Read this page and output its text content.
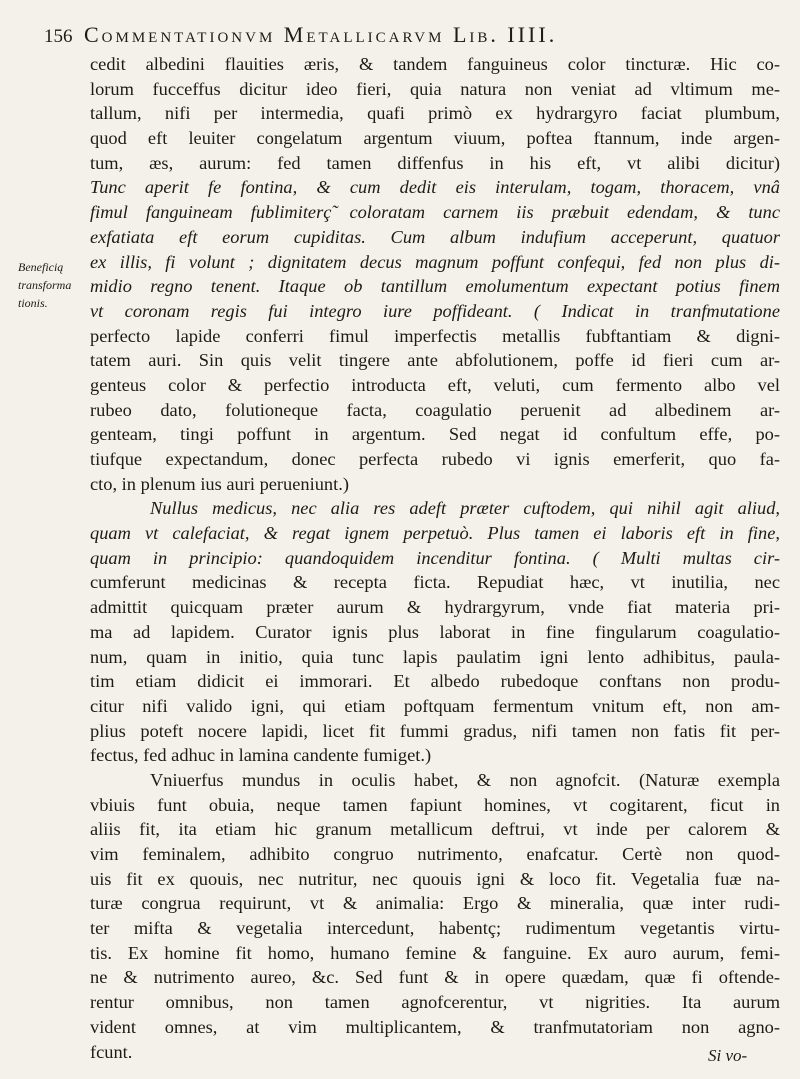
156 Commentationvm Metallicarvm Lib. IIII.
Beneficią
transforma
tionis.
cedit albedini flauities æris, & tandem fanguineus color tincturæ. Hic co-
lorum fucceffus dicitur ideo fieri, quia natura non veniat ad vltimum me-
tallum, nifi per intermedia, quafi primò ex hydrargyro faciat plumbum,
quod eft leuiter congelatum argentum viuum, poftea ftannum, inde argen-
tum, æs, aurum: fed tamen diffenfus in his eft, vt alibi dicitur)
Tunc aperit fe fontina, & cum dedit eis interulam, togam, thoracem, vnâ
fimul fanguineam fublimiterç̃ coloratam carnem iis præbuit edendam, & tunc
exfatiata eft eorum cupiditas. Cum album indufium acceperunt, quatuor
ex illis, fi volunt ; dignitatem decus magnum poffunt confequi, fed non plus di-
midio regno tenent. Itaque ob tantillum emolumentum expectant potius finem
vt coronam regis fui integro iure poffideant. ( Indicat in tranfmutatione
perfecto lapide conferri fimul imperfectis metallis fubftantiam & digni-
tatem auri. Sin quis velit tingere ante abfolutionem, poffe id fieri cum ar-
genteus color & perfectio introducta eft, veluti, cum fermento albo vel
rubeo dato, folutioneque facta, coagulatio peruenit ad albedinem ar-
genteam, tingi poffunt in argentum. Sed negat id confultum effe, po-
tiufque expectandum, donec perfecta rubedo vi ignis emerferit, quo fa-
cto, in plenum ius auri perueniunt.)
Nullus medicus, nec alia res adeft præter cuftodem, qui nihil agit aliud,
quam vt calefaciat, & regat ignem perpetuò. Plus tamen ei laboris eft in fine,
quam in principio: quandoquidem incenditur fontina. ( Multi multas cir-
cumferunt medicinas & recepta ficta. Repudiat hæc, vt inutilia, nec
admittit quicquam præter aurum & hydrargyrum, vnde fiat materia pri-
ma ad lapidem. Curator ignis plus laborat in fine fingularum coagulatio-
num, quam in initio, quia tunc lapis paulatim igni lento adhibitus, paula-
tim etiam didicit ei immorari. Et albedo rubedoque conftans non produ-
citur nifi valido igni, qui etiam poftquam fermentum vnitum eft, non am-
plius poteft nocere lapidi, licet fit fummi gradus, nifi tamen non fatis fit per-
fectus, fed adhuc in lamina candente fumiget.)
Vniuerfus mundus in oculis habet, & non agnofcit. (Naturæ exempla
vbiuis funt obuia, neque tamen fapiunt homines, vt cogitarent, ficut in
aliis fit, ita etiam hic granum metallicum deftrui, vt inde per calorem &
vim feminalem, adhibito congruo nutrimento, enafcatur. Certè non quod-
uis fit ex quouis, nec nutritur, nec quouis igni & loco fit. Vegetalia fuæ na-
turæ congrua requirunt, vt & animalia: Ergo & mineralia, quæ inter rudi-
ter mifta & vegetalia intercedunt, habentç; rudimentum vegetantis virtu-
tis. Ex homine fit homo, humano femine & fanguine. Ex auro aurum, femi-
ne & nutrimento aureo, &c. Sed funt & in opere quædam, quæ fi oftende-
rentur omnibus, non tamen agnofcerentur, vt nigrities. Ita aurum
vident omnes, at vim multiplicantem, & tranfmutatoriam non agno-
fcunt.	Si vo-
